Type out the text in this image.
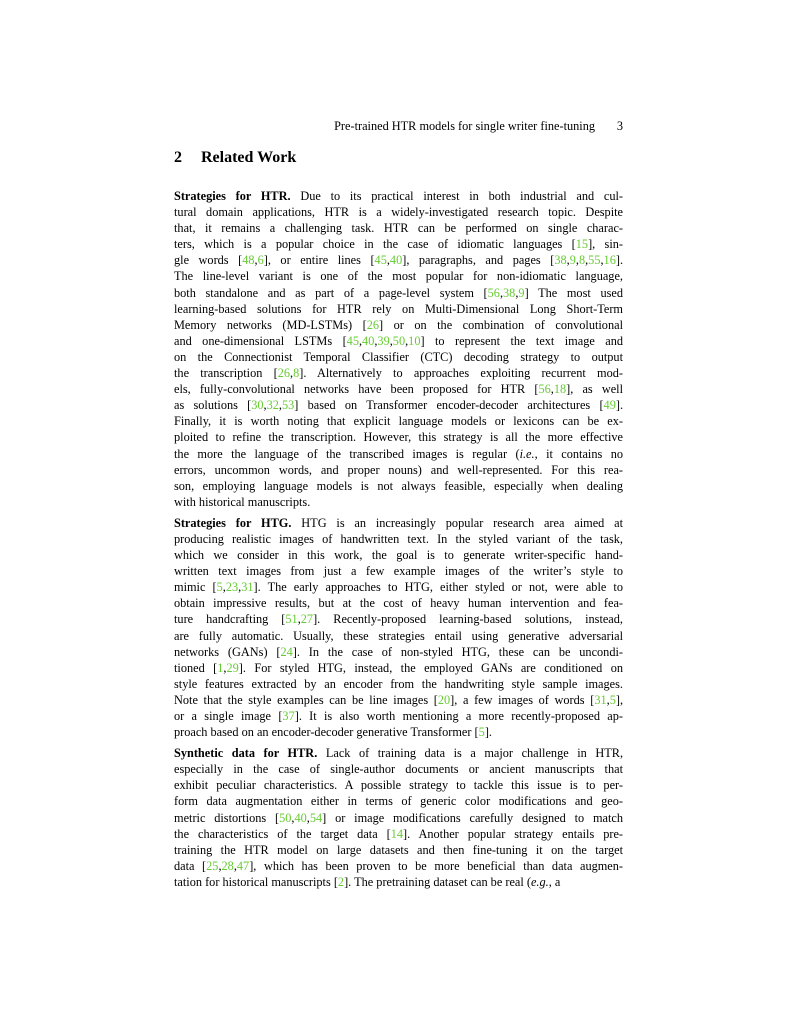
Pre-trained HTR models for single writer fine-tuning 3
2 Related Work
Strategies for HTR. Due to its practical interest in both industrial and cul-
tural domain applications, HTR is a widely-investigated research topic. Despite
that, it remains a challenging task. HTR can be performed on single charac-
ters, which is a popular choice in the case of idiomatic languages [15], sin-
gle words [48,6], or entire lines [45,40], paragraphs, and pages [38,9,8,55,16].
The line-level variant is one of the most popular for non-idiomatic language,
both standalone and as part of a page-level system [56,38,9] The most used
learning-based solutions for HTR rely on Multi-Dimensional Long Short-Term
Memory networks (MD-LSTMs) [26] or on the combination of convolutional
and one-dimensional LSTMs [45,40,39,50,10] to represent the text image and
on the Connectionist Temporal Classifier (CTC) decoding strategy to output
the transcription [26,8]. Alternatively to approaches exploiting recurrent mod-
els, fully-convolutional networks have been proposed for HTR [56,18], as well
as solutions [30,32,53] based on Transformer encoder-decoder architectures [49].
Finally, it is worth noting that explicit language models or lexicons can be ex-
ploited to refine the transcription. However, this strategy is all the more effective
the more the language of the transcribed images is regular (i.e., it contains no
errors, uncommon words, and proper nouns) and well-represented. For this rea-
son, employing language models is not always feasible, especially when dealing
with historical manuscripts.
Strategies for HTG. HTG is an increasingly popular research area aimed at
producing realistic images of handwritten text. In the styled variant of the task,
which we consider in this work, the goal is to generate writer-specific hand-
written text images from just a few example images of the writer’s style to
mimic [5,23,31]. The early approaches to HTG, either styled or not, were able to
obtain impressive results, but at the cost of heavy human intervention and fea-
ture handcrafting [51,27]. Recently-proposed learning-based solutions, instead,
are fully automatic. Usually, these strategies entail using generative adversarial
networks (GANs) [24]. In the case of non-styled HTG, these can be uncondi-
tioned [1,29]. For styled HTG, instead, the employed GANs are conditioned on
style features extracted by an encoder from the handwriting style sample images.
Note that the style examples can be line images [20], a few images of words [31,5],
or a single image [37]. It is also worth mentioning a more recently-proposed ap-
proach based on an encoder-decoder generative Transformer [5].
Synthetic data for HTR. Lack of training data is a major challenge in HTR,
especially in the case of single-author documents or ancient manuscripts that
exhibit peculiar characteristics. A possible strategy to tackle this issue is to per-
form data augmentation either in terms of generic color modifications and geo-
metric distortions [50,40,54] or image modifications carefully designed to match
the characteristics of the target data [14]. Another popular strategy entails pre-
training the HTR model on large datasets and then fine-tuning it on the target
data [25,28,47], which has been proven to be more beneficial than data augmen-
tation for historical manuscripts [2]. The pretraining dataset can be real (e.g., a
